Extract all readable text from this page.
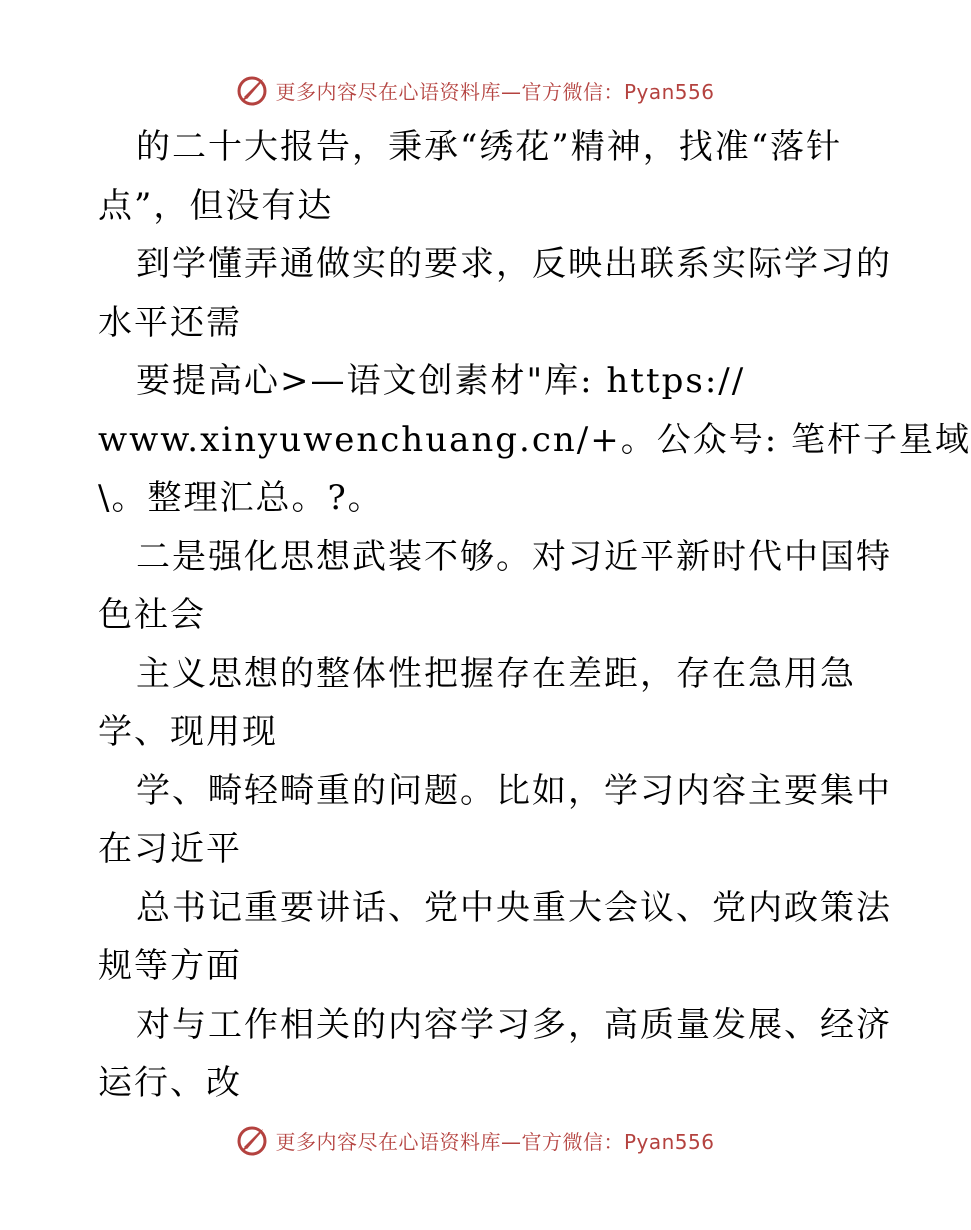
更多内容尽在心语资料库—官方微信：Pyan556
的二十大报告，秉承“绣花”精神，找准“落针
点”，但没有达
到学懂弄通做实的要求，反映出联系实际学习的
水平还需
要提高心>—语文创素材"库: https://
www.xinyuwenchuang.cn/+。公众号: 笔杆子星域
\。整理汇总。?。
二是强化思想武装不够。对习近平新时代中国特
色社会
主义思想的整体性把握存在差距，存在急用急
学、现用现
学、畸轻畸重的问题。比如，学习内容主要集中
在习近平
总书记重要讲话、党中央重大会议、党内政策法
规等方面
对与工作相关的内容学习多，高质量发展、经济
运行、改
更多内容尽在心语资料库—官方微信：Pyan556
